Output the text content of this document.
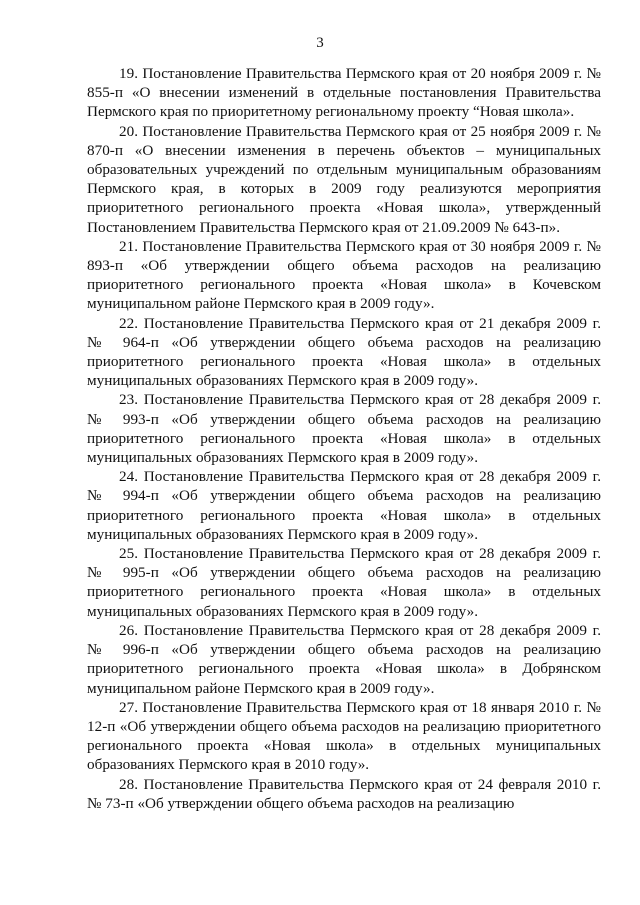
3

19. Постановление Правительства Пермского края от 20 ноября 2009 г. № 855-п «О внесении изменений в отдельные постановления Правительства Пермского края по приоритетному региональному проекту “Новая школа».

20. Постановление Правительства Пермского края от 25 ноября 2009 г. № 870-п «О внесении изменения в перечень объектов – муниципальных образовательных учреждений по отдельным муниципальным образованиям Пермского края, в которых в 2009 году реализуются мероприятия приоритетного регионального проекта «Новая школа», утвержденный Постановлением Правительства Пермского края от 21.09.2009 № 643-п».

21. Постановление Правительства Пермского края от 30 ноября 2009 г. № 893-п «Об утверждении общего объема расходов на реализацию приоритетного регионального проекта «Новая школа» в Кочевском муниципальном районе Пермского края в 2009 году».

22. Постановление Правительства Пермского края от 21 декабря 2009 г. № 964-п «Об утверждении общего объема расходов на реализацию приоритетного регионального проекта «Новая школа» в отдельных муниципальных образованиях Пермского края в 2009 году».

23. Постановление Правительства Пермского края от 28 декабря 2009 г. № 993-п «Об утверждении общего объема расходов на реализацию приоритетного регионального проекта «Новая школа» в отдельных муниципальных образованиях Пермского края в 2009 году».

24. Постановление Правительства Пермского края от 28 декабря 2009 г. № 994-п «Об утверждении общего объема расходов на реализацию приоритетного регионального проекта «Новая школа» в отдельных муниципальных образованиях Пермского края в 2009 году».

25. Постановление Правительства Пермского края от 28 декабря 2009 г. № 995-п «Об утверждении общего объема расходов на реализацию приоритетного регионального проекта «Новая школа» в отдельных муниципальных образованиях Пермского края в 2009 году».

26. Постановление Правительства Пермского края от 28 декабря 2009 г. № 996-п «Об утверждении общего объема расходов на реализацию приоритетного регионального проекта «Новая школа» в Добрянском муниципальном районе Пермского края в 2009 году».

27. Постановление Правительства Пермского края от 18 января 2010 г. № 12-п «Об утверждении общего объема расходов на реализацию приоритетного регионального проекта «Новая школа» в отдельных муниципальных образованиях Пермского края в 2010 году».

28. Постановление Правительства Пермского края от 24 февраля 2010 г. № 73-п «Об утверждении общего объема расходов на реализацию
